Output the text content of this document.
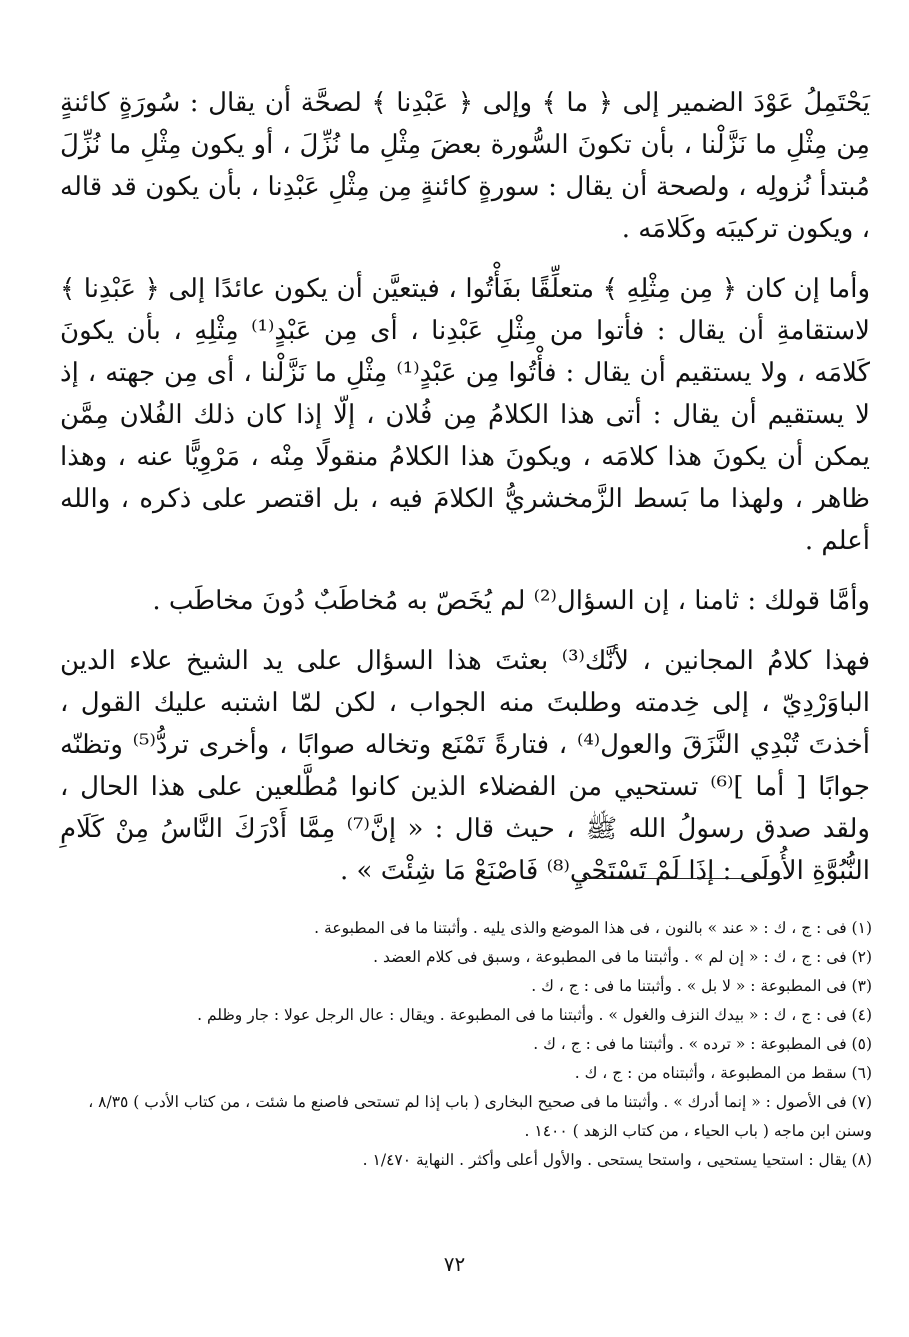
يَحْتَمِلُ عَوْدَ الضمير إلى ﴿ ما ﴾ وإلى ﴿ عَبْدِنا ﴾ لصحَّة أن يقال : سُورَةٍ كائنةٍ مِن مِثْلِ ما نَزَّلْنا ، بأن تكونَ السُّورة بعضَ مِثْلِ ما نُزِّلَ ، أو يكون مِثْلِ ما نُزِّلَ مُبتدأ نُزولِه ، ولصحة أن يقال : سورةٍ كائنةٍ مِن مِثْلِ عَبْدِنا ، بأن يكون قد قاله ، ويكون تركيبَه وكَلامَه .

وأما إن كان ﴿ مِن مِثْلِهِ ﴾ متعلِّقًا بفَأْتُوا ، فيتعيَّن أن يكون عائدًا إلى ﴿ عَبْدِنا ﴾ لاستقامةِ أن يقال : فأتوا من مِثْلِ عَبْدِنا ، أى مِن عَبْدٍ⁽¹⁾ مِثْلِهِ ، بأن يكونَ كَلامَه ، ولا يستقيم أن يقال : فأْتُوا مِن عَبْدٍ⁽¹⁾ مِثْلِ ما نَزَّلْنا ، أى مِن جهته ، إذ لا يستقيم أن يقال : أتى هذا الكلامُ مِن فُلان ، إلّا إذا كان ذلك الفُلان مِمَّن يمكن أن يكونَ هذا كلامَه ، ويكونَ هذا الكلامُ منقولًا مِنْه ، مَرْوِيًّا عنه ، وهذا ظاهر ، ولهذا ما بَسط الزَّمخشريُّ الكلامَ فيه ، بل اقتصر على ذكره ، والله أعلم .

وأمَّا قولك : ثامنا ، إن السؤال⁽²⁾ لم يُخَصّ به مُخاطَبٌ دُونَ مخاطَب .

فهذا كلامُ المجانين ، لأنَّك⁽³⁾ بعثتَ هذا السؤال على يد الشيخ علاء الدين الباوَرْدِيّ ، إلى خِدمته وطلبتَ منه الجواب ، لكن لمّا اشتبه عليك القول ، أخذتَ تُبْدِي النَّزَقَ والعول⁽⁴⁾ ، فتارةً تَمْنَع وتخاله صوابًا ، وأخرى تردُّ⁽⁵⁾ وتظنّه جوابًا [ أما ]⁽⁶⁾ تستحيي من الفضلاء الذين كانوا مُطَّلعين على هذا الحال ، ولقد صدق رسولُ الله ﷺ ، حيث قال : « إنَّ⁽⁷⁾ مِمَّا أَدْرَكَ النَّاسُ مِنْ كَلَامِ النُّبُوَّةِ الأُولَى : إذَا لَمْ تَسْتَحْيِ⁽⁸⁾ فَاصْنَعْ مَا شِئْتَ » .

(١) فى : ج ، ك : « عند » بالنون ، فى هذا الموضع والذى يليه . وأثبتنا ما فى المطبوعة .

(٢) فى : ج ، ك : « إن لم » . وأثبتنا ما فى المطبوعة ، وسبق فى كلام العضد .

(٣) فى المطبوعة : « لا بل » . وأثبتنا ما فى : ج ، ك .

(٤) فى : ج ، ك : « بيدك النزف والغول » . وأثبتنا ما فى المطبوعة . ويقال : عال الرجل عولا : جار وظلم .

(٥) فى المطبوعة : « ترده » . وأثبتنا ما فى : ج ، ك .

(٦) سقط من المطبوعة ، وأثبتناه من : ج ، ك .

(٧) فى الأصول : « إنما أدرك » . وأثبتنا ما فى صحيح البخارى ( باب إذا لم تستحى فاصنع ما شئت ، من كتاب الأدب ) ٨/٣٥ ، وسنن ابن ماجه ( باب الحياء ، من كتاب الزهد ) ١٤٠٠ .

(٨) يقال : استحيا يستحيى ، واستحا يستحى . والأول أعلى وأكثر . النهاية ١/٤٧٠ .

٧٢
